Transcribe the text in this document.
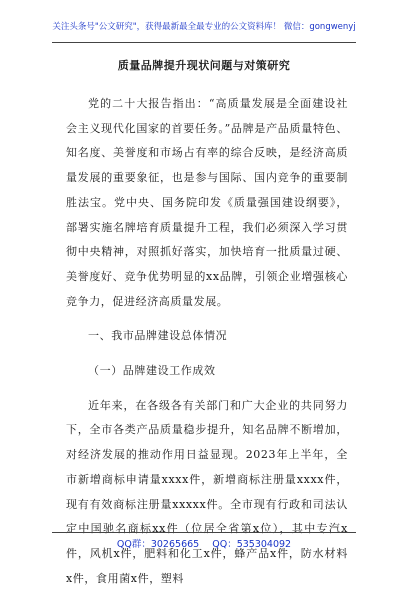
关注头条号"公文研究"，获得最新最全最专业的公文资料库！ 微信：gongwenyj
质量品牌提升现状问题与对策研究

党的二十大报告指出：“高质量发展是全面建设社会主义现代化国家的首要任务。”品牌是产品质量特色、知名度、美誉度和市场占有率的综合反映，是经济高质量发展的重要象征，也是参与国际、国内竞争的重要制胜法宝。党中央、国务院印发《质量强国建设纲要》，部署实施名牌培育质量提升工程，我们必须深入学习贯彻中央精神，对照抓好落实，加快培育一批质量过硬、美誉度好、竞争优势明显的xx品牌，引领企业增强核心竞争力，促进经济高质量发展。

一、我市品牌建设总体情况

（一）品牌建设工作成效

近年来，在各级各有关部门和广大企业的共同努力下，全市各类产品质量稳步提升，知名品牌不断增加，对经济发展的推动作用日益显现。2023年上半年，全市新增商标申请量xxxx件，新增商标注册量xxxx件，现有有效商标注册量xxxxx件。全市现有行政和司法认定中国驰名商标xx件（位居全省第x位），其中专汽x件，风机x件，肥料和化工x件，蜂产品x件，防水材料x件，食用菌x件，塑料

QQ群：30265665 QQ：535304092
